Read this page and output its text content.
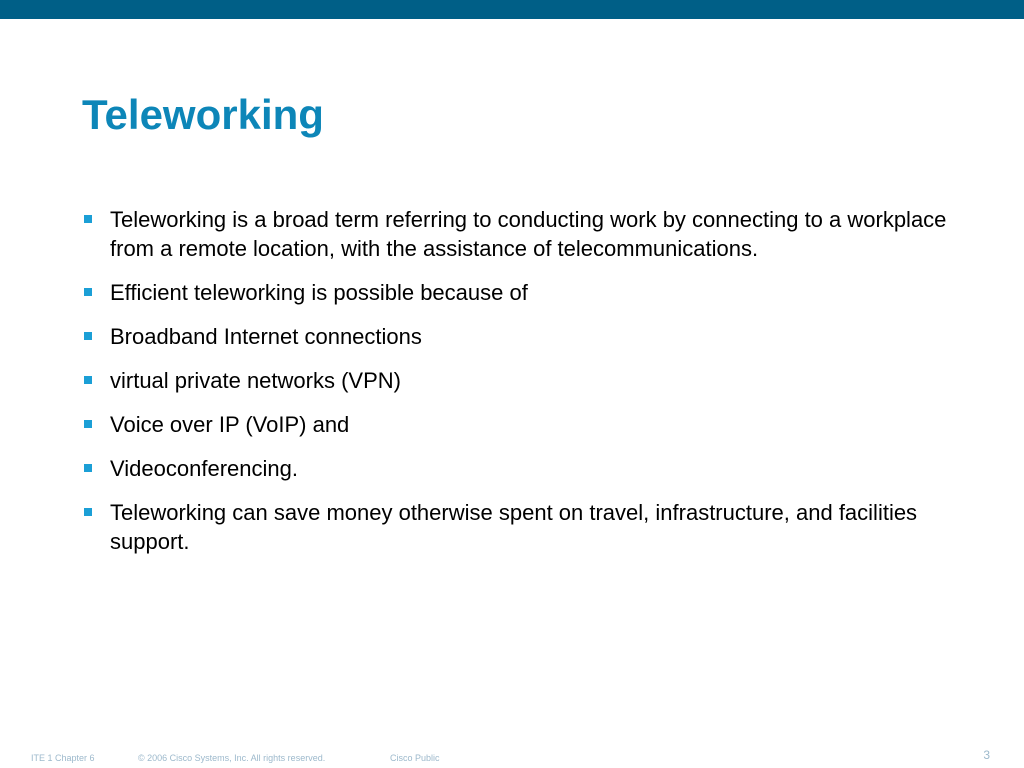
Teleworking
Teleworking is a broad term referring to conducting work by connecting to a workplace from a remote location, with the assistance of telecommunications.
Efficient teleworking is possible because of
Broadband Internet connections
virtual private networks (VPN)
Voice over IP (VoIP) and
Videoconferencing.
Teleworking can save money otherwise spent on travel, infrastructure, and facilities support.
ITE 1 Chapter 6	© 2006 Cisco Systems, Inc. All rights reserved.	Cisco Public	3
